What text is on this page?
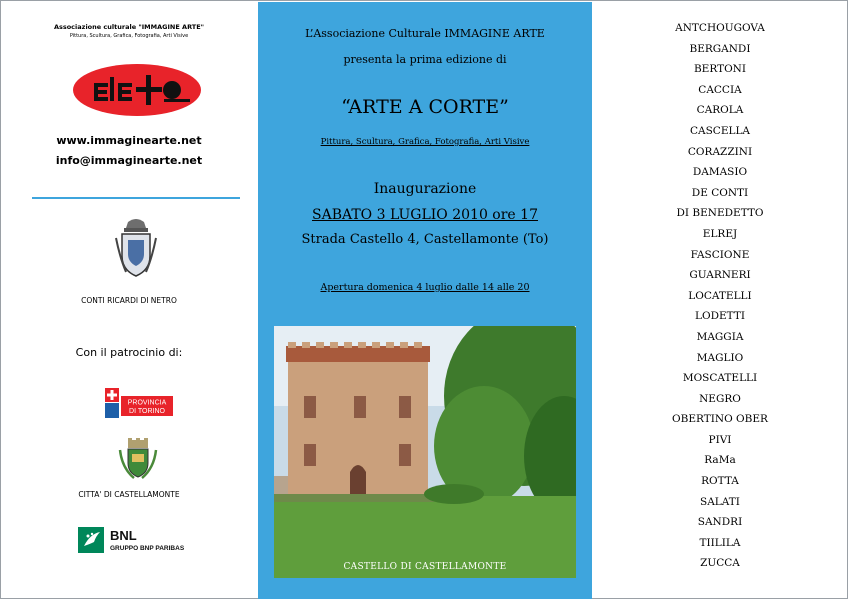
Associazione culturale "IMMAGINE ARTE"
Pittura, Scultura, Grafica, Fotografia, Arti Visive
www.immaginearte.net
info@immaginearte.net
CONTI RICARDI DI NETRO
Con il patrocinio di:
PROVINCIA
DI TORINO
CITTA' DI CASTELLAMONTE
BNL
GRUPPO BNP PARIBAS
L’Associazione Culturale IMMAGINE ARTE
presenta la prima edizione di
“ARTE A CORTE”
Pittura, Scultura, Grafica, Fotografia, Arti Visive
Inaugurazione
SABATO 3 LUGLIO 2010 ore 17
Strada Castello 4, Castellamonte (To)
Apertura domenica 4 luglio dalle 14 alle 20
CASTELLO DI CASTELLAMONTE
ANTCHOUGOVA
BERGANDI
BERTONI
CACCIA
CAROLA
CASCELLA
CORAZZINI
DAMASIO
DE CONTI
DI BENEDETTO
ELREJ
FASCIONE
GUARNERI
LOCATELLI
LODETTI
MAGGIA
MAGLIO
MOSCATELLI
NEGRO
OBERTINO OBER
PIVI
RaMa
ROTTA
SALATI
SANDRI
TIILILA
ZUCCA
